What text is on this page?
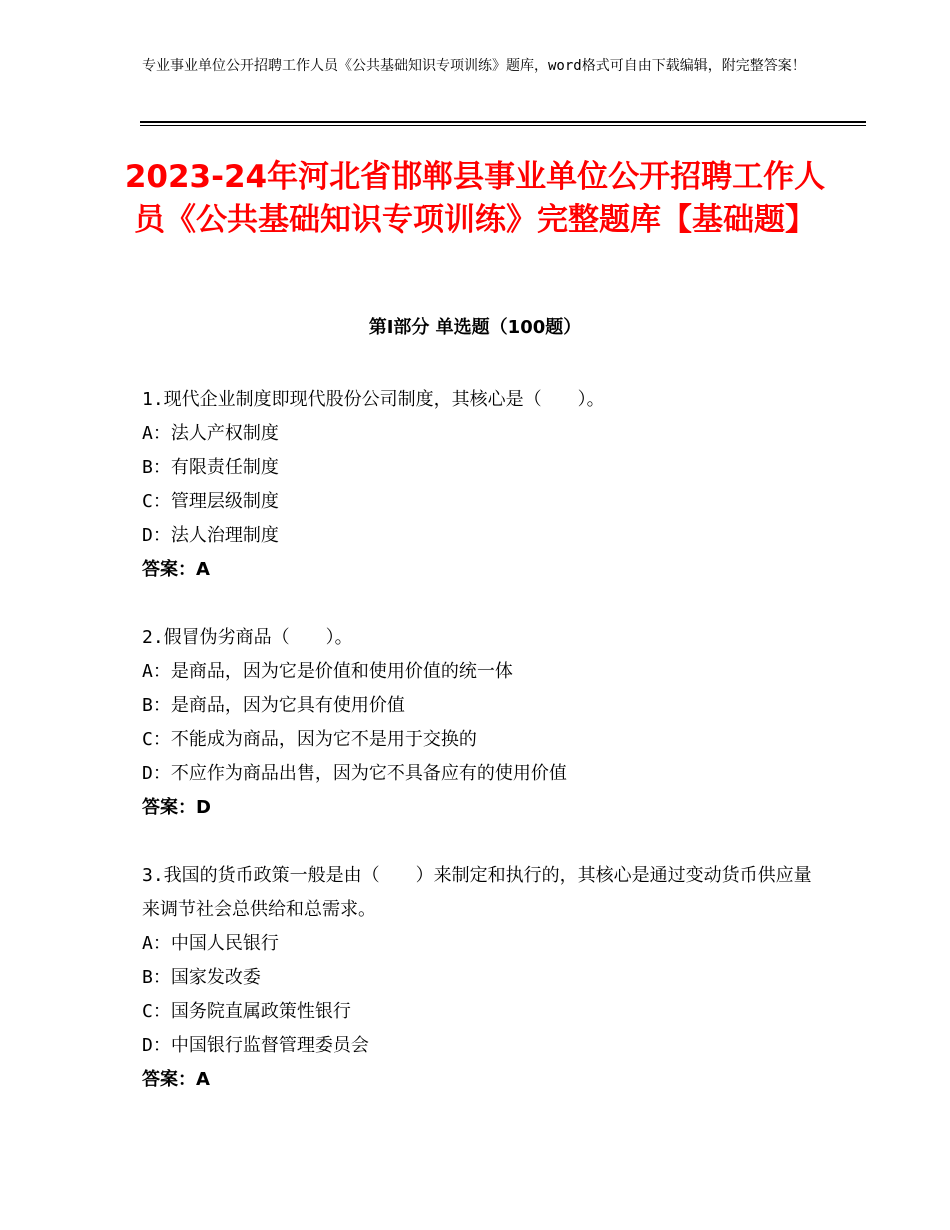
专业事业单位公开招聘工作人员《公共基础知识专项训练》题库，word格式可自由下载编辑，附完整答案！
2023-24年河北省邯郸县事业单位公开招聘工作人员《公共基础知识专项训练》完整题库【基础题】
第Ⅰ部分 单选题（100题）

1.现代企业制度即现代股份公司制度，其核心是（　　）。

A：法人产权制度

B：有限责任制度

C：管理层级制度

D：法人治理制度

答案：A

2.假冒伪劣商品（　　）。

A：是商品，因为它是价值和使用价值的统一体

B：是商品，因为它具有使用价值

C：不能成为商品，因为它不是用于交换的

D：不应作为商品出售，因为它不具备应有的使用价值

答案：D

3.我国的货币政策一般是由（　　）来制定和执行的，其核心是通过变动货币供应量来调节社会总供给和总需求。

A：中国人民银行

B：国家发改委

C：国务院直属政策性银行

D：中国银行监督管理委员会

答案：A
